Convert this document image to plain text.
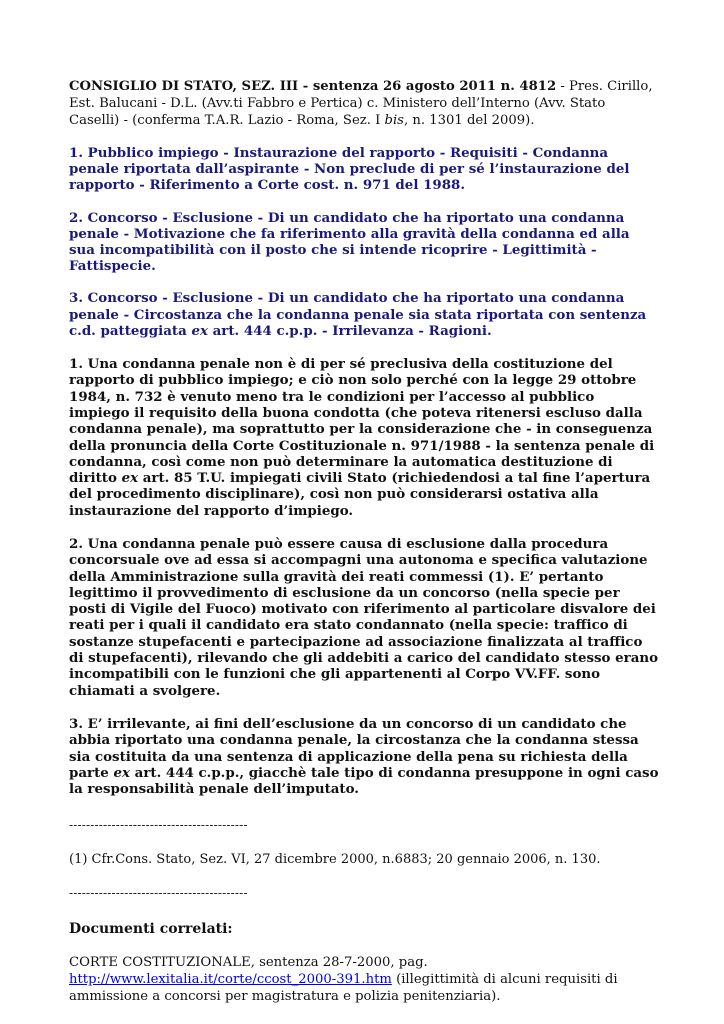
CONSIGLIO DI STATO, SEZ. III - sentenza 26 agosto 2011 n. 4812 - Pres. Cirillo, Est. Balucani - D.L. (Avv.ti Fabbro e Pertica) c. Ministero dell’Interno (Avv. Stato Caselli) - (conferma T.A.R. Lazio - Roma, Sez. I bis, n. 1301 del 2009).

1. Pubblico impiego - Instaurazione del rapporto - Requisiti - Condanna penale riportata dall’aspirante - Non preclude di per sé l’instaurazione del rapporto - Riferimento a Corte cost. n. 971 del 1988.

2. Concorso - Esclusione - Di un candidato che ha riportato una condanna penale - Motivazione che fa riferimento alla gravità della condanna ed alla sua incompatibilità con il posto che si intende ricoprire - Legittimità - Fattispecie.

3. Concorso - Esclusione - Di un candidato che ha riportato una condanna penale - Circostanza che la condanna penale sia stata riportata con sentenza c.d. patteggiata ex art. 444 c.p.p. - Irrilevanza - Ragioni.

1. Una condanna penale non è di per sé preclusiva della costituzione del rapporto di pubblico impiego; e ciò non solo perché con la legge 29 ottobre 1984, n. 732 è venuto meno tra le condizioni per l’accesso al pubblico impiego il requisito della buona condotta (che poteva ritenersi escluso dalla condanna penale), ma soprattutto per la considerazione che - in conseguenza della pronuncia della Corte Costituzionale n. 971/1988 - la sentenza penale di condanna, così come non può determinare la automatica destituzione di diritto ex art. 85 T.U. impiegati civili Stato (richiedendosi a tal fine l’apertura del procedimento disciplinare), così non può considerarsi ostativa alla instaurazione del rapporto d’impiego.

2. Una condanna penale può essere causa di esclusione dalla procedura concorsuale ove ad essa si accompagni una autonoma e specifica valutazione della Amministrazione sulla gravità dei reati commessi (1). E’ pertanto legittimo il provvedimento di esclusione da un concorso (nella specie per posti di Vigile del Fuoco) motivato con riferimento al particolare disvalore dei reati per i quali il candidato era stato condannato (nella specie: traffico di sostanze stupefacenti e partecipazione ad associazione finalizzata al traffico di stupefacenti), rilevando che gli addebiti a carico del candidato stesso erano incompatibili con le funzioni che gli appartenenti al Corpo VV.FF. sono chiamati a svolgere.

3. E’ irrilevante, ai fini dell’esclusione da un concorso di un candidato che abbia riportato una condanna penale, la circostanza che la condanna stessa sia costituita da una sentenza di applicazione della pena su richiesta della parte ex art. 444 c.p.p., giacchè tale tipo di condanna presuppone in ogni caso la responsabilità penale dell’imputato.

------------------------------------------

(1) Cfr.Cons. Stato, Sez. VI, 27 dicembre 2000, n.6883; 20 gennaio 2006, n. 130.

------------------------------------------

Documenti correlati:

CORTE COSTITUZIONALE, sentenza 28-7-2000, pag. http://www.lexitalia.it/corte/ccost_2000-391.htm (illegittimità di alcuni requisiti di ammissione a concorsi per magistratura e polizia penitenziaria).
